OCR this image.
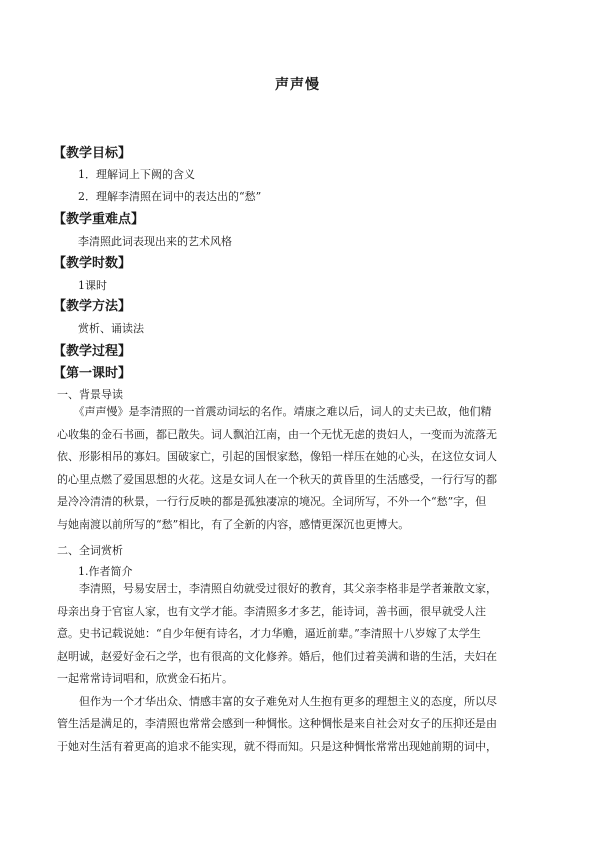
声声慢
【教学目标】
1．理解词上下阙的含义
2．理解李清照在词中的表达出的“愁”
【教学重难点】
李清照此词表现出来的艺术风格
【教学时数】
1课时
【教学方法】
赏析、诵读法
【教学过程】
【第一课时】
一、背景导读
　　《声声慢》是李清照的一首震动词坛的名作。靖康之难以后，词人的丈夫已故，他们精
心收集的金石书画，都已散失。词人飘泊江南，由一个无忧无虑的贵妇人，一变而为流落无
依、形影相吊的寡妇。国破家亡，引起的国恨家愁，像铅一样压在她的心头，在这位女词人
的心里点燃了爱国思想的火花。这是女词人在一个秋天的黄昏里的生活感受，一行行写的都
是冷冷清清的秋景，一行行反映的都是孤独凄凉的境况。全词所写，不外一个“愁”字，但
与她南渡以前所写的“愁”相比，有了全新的内容，感情更深沉也更博大。
二、全词赏析
1.作者简介
　　李清照，号易安居士，李清照自幼就受过很好的教育，其父亲李格非是学者兼散文家，
母亲出身于官宦人家，也有文学才能。李清照多才多艺，能诗词，善书画，很早就受人注
意。史书记载说她：“自少年便有诗名，才力华赡，逼近前辈。”李清照十八岁嫁了太学生
赵明诚，赵爱好金石之学，也有很高的文化修养。婚后，他们过着美满和谐的生活，夫妇在
一起常常诗词唱和，欣赏金石拓片。
　　但作为一个才华出众、情感丰富的女子难免对人生抱有更多的理想主义的态度，所以尽
管生活是满足的，李清照也常常会感到一种惆怅。这种惆怅是来自社会对女子的压抑还是由
于她对生活有着更高的追求不能实现，就不得而知。只是这种惆怅常常出现她前期的词中，
